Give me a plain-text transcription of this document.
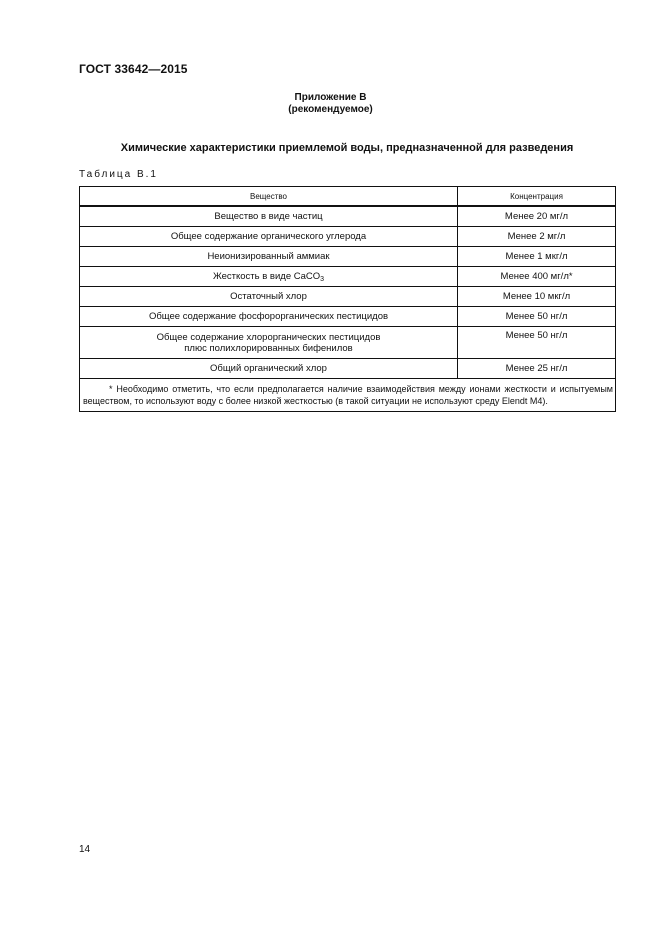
ГОСТ 33642—2015
Приложение В
(рекомендуемое)
Химические характеристики приемлемой воды, предназначенной для разведения
Таблица В.1
Вещество	Концентрация
Вещество в виде частиц	Менее 20 мг/л
Общее содержание органического углерода	Менее 2 мг/л
Неионизированный аммиак	Менее 1 мкг/л
Жесткость в виде CaCO$_3$	Менее 400 мг/л*
Остаточный хлор	Менее 10 мкг/л
Общее содержание фосфорорганических пестицидов	Менее 50 нг/л

Общее содержание хлорорганических пестицидов
плюс полихлорированных бифенилов	Менее 50 нг/л
Общий органический хлор	Менее 25 нг/л

* Необходимо отметить, что если предполагается наличие взаимодействия между ионами жесткости и испытуемым веществом, то используют воду с более низкой жесткостью (в такой ситуации не используют среду Elendt M4).	
14
